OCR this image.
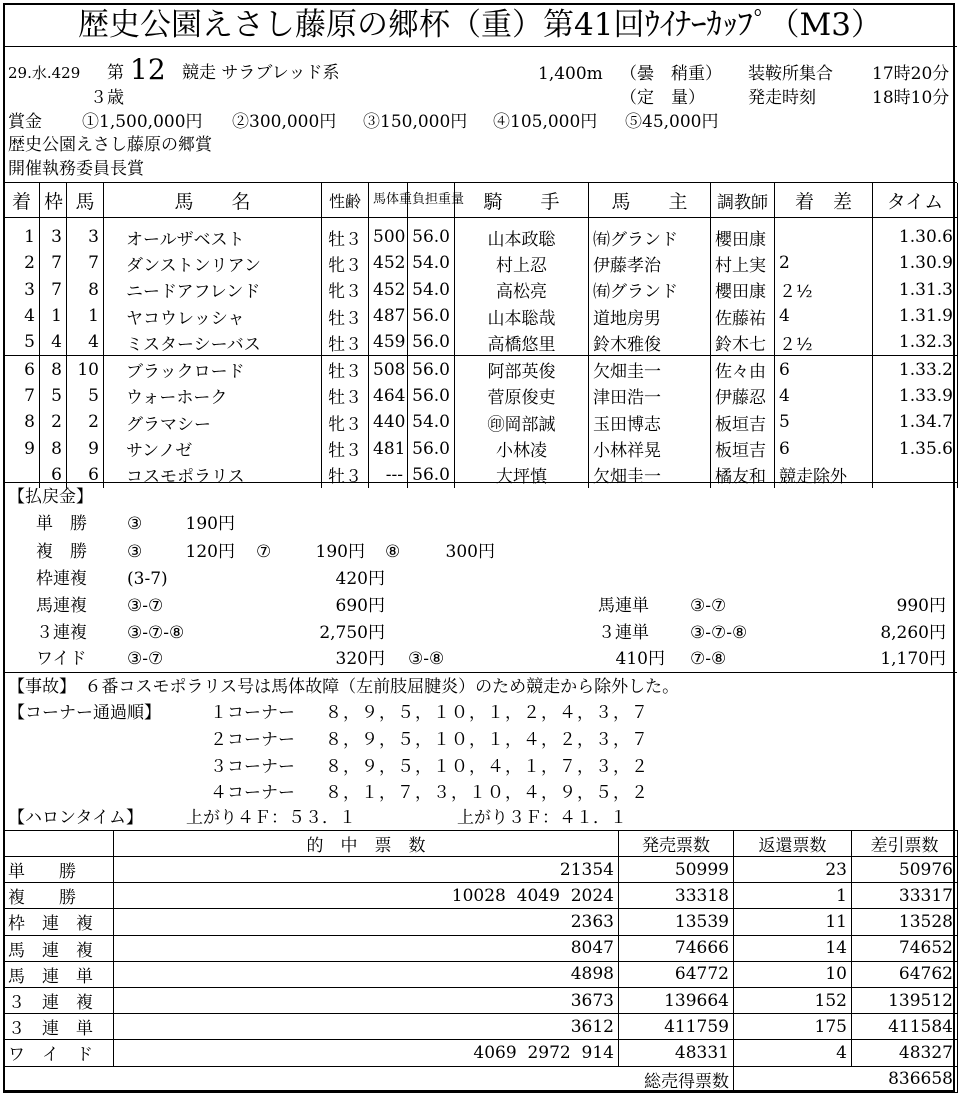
歴史公園えさし藤原の郷杯（重）第41回ｳｲﾅｰｶｯﾌﾟ（M3）
29.水.429 第 12 競走 サラブレッド系
３歳
1,400m （曇　稍重）
（定　量）
装鞍所集合 17時20分
発走時刻	18時10分
賞金 ①1,500,000円 ②300,000円 ③150,000円 ④105,000円 ⑤45,000円
歴史公園えさし藤原の郷賞
開催執務委員長賞
着	枠	馬	馬　　名	性齢	馬体重	負担重量	騎　　手	馬　　主	調教師	着　差	タイム
1	3	3	オールザベスト	牡３	500	56.0	山本政聡	㈲グランド	櫻田康		1.30.6
2	7	7	ダンストンリアン	牝３	452	54.0	村上忍	伊藤孝治	村上実	2	1.30.9
3	7	8	ニードアフレンド	牝３	452	54.0	高松亮	㈲グランド	櫻田康	２½	1.31.3
4	1	1	ヤコウレッシャ	牡３	487	56.0	山本聡哉	道地房男	佐藤祐	4	1.31.9
5	4	4	ミスターシーバス	牡３	459	56.0	高橋悠里	鈴木雅俊	鈴木七	２½	1.32.3
6	8	10	ブラックロード	牡３	508	56.0	阿部英俊	欠畑圭一	佐々由	6	1.33.2
7	5	5	ウォーホーク	牡３	464	56.0	菅原俊吏	津田浩一	伊藤忍	4	1.33.9
8	2	2	グラマシー	牝３	440	54.0	㊞岡部誠	玉田博志	板垣吉	5	1.34.7
9	8	9	サンノゼ	牡３	481	56.0	小林凌	小林祥晃	板垣吉	6	1.35.6
	6	6	コスモポラリス	牡３	---	56.0	大坪慎	欠畑圭一	橘友和	競走除外	
【払戻金】
単　勝 ③	190円
複　勝 ③	120円 ⑦	190円 ⑧	300円
枠連複 (3-7)	420円
馬連複 ③-⑦	690円	馬連単 ③-⑦	990円
３連複 ③-⑦-⑧	2,750円	３連単 ③-⑦-⑧	8,260円
ワイド ③-⑦	320円 ③-⑧	410円 ⑦-⑧	1,170円
【事故】　６番コスモポラリス号は馬体故障（左前肢屈腱炎）のため競走から除外した。
【コーナー通過順】	１コーナー ８，９，５，１０，１，２，４，３，７
２コーナー ８，９，５，１０，１，４，２，３，７
３コーナー ８，９，５，１０，４，１，７，３，２
４コーナー ８，１，７，３，１０，４，９，５，２
【ハロンタイム】	上がり４Ｆ：５３．１	上がり３Ｆ：４１．１
	的　中　票　数	発売票数	返還票数	差引票数
単　　勝	21354	50999	23	50976
複　　勝	10028  4049  2024	33318	1	33317
枠　連　複	2363	13539	11	13528
馬　連　複	8047	74666	14	74652
馬　連　単	4898	64772	10	64762
３　連　複	3673	139664	152	139512
３　連　単	3612	411759	175	411584
ワ　イ　ド	4069  2972  914	48331	4	48327
総売得票数			836658	
